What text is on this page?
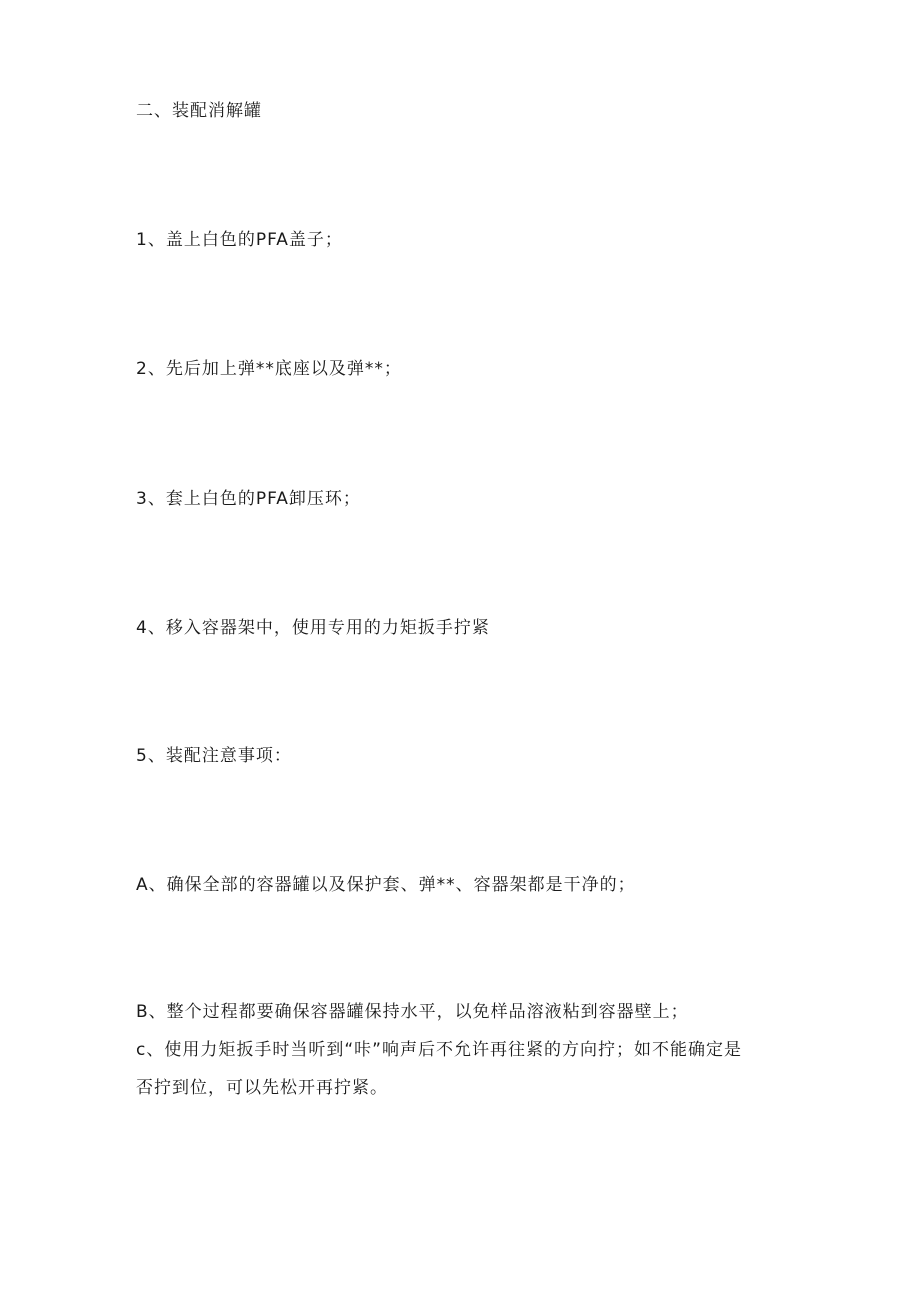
二、装配消解罐
1、盖上白色的PFA盖子；
2、先后加上弹**底座以及弹**；
3、套上白色的PFA卸压环；
4、移入容器架中，使用专用的力矩扳手拧紧
5、装配注意事项：
A、确保全部的容器罐以及保护套、弹**、容器架都是干净的；
B、整个过程都要确保容器罐保持水平，以免样品溶液粘到容器壁上；
c、使用力矩扳手时当听到“咔”响声后不允许再往紧的方向拧；如不能确定是
否拧到位，可以先松开再拧紧。
